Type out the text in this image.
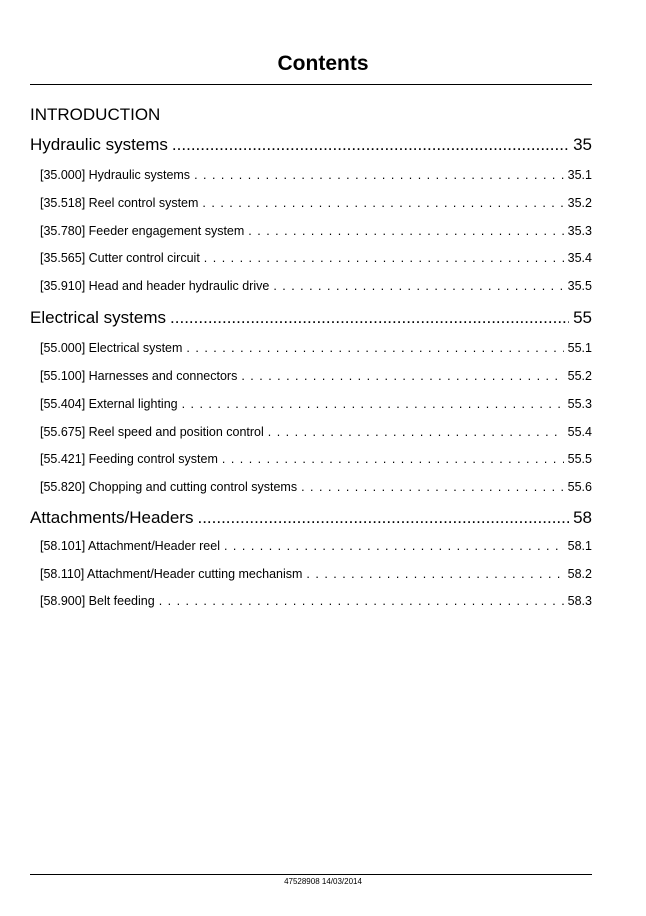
Contents
INTRODUCTION
Hydraulic systems .....	35
[35.000] Hydraulic systems . . .	35.1
[35.518] Reel control system . . .	35.2
[35.780] Feeder engagement system . . .	35.3
[35.565] Cutter control circuit . . .	35.4
[35.910] Head and header hydraulic drive . . .	35.5
Electrical systems .....	55
[55.000] Electrical system . . .	55.1
[55.100] Harnesses and connectors . . .	55.2
[55.404] External lighting . . .	55.3
[55.675] Reel speed and position control . . .	55.4
[55.421] Feeding control system . . .	55.5
[55.820] Chopping and cutting control systems . . .	55.6
Attachments/Headers .....	58
[58.101] Attachment/Header reel . . .	58.1
[58.110] Attachment/Header cutting mechanism . . .	58.2
[58.900] Belt feeding . . .	58.3
47528908 14/03/2014
